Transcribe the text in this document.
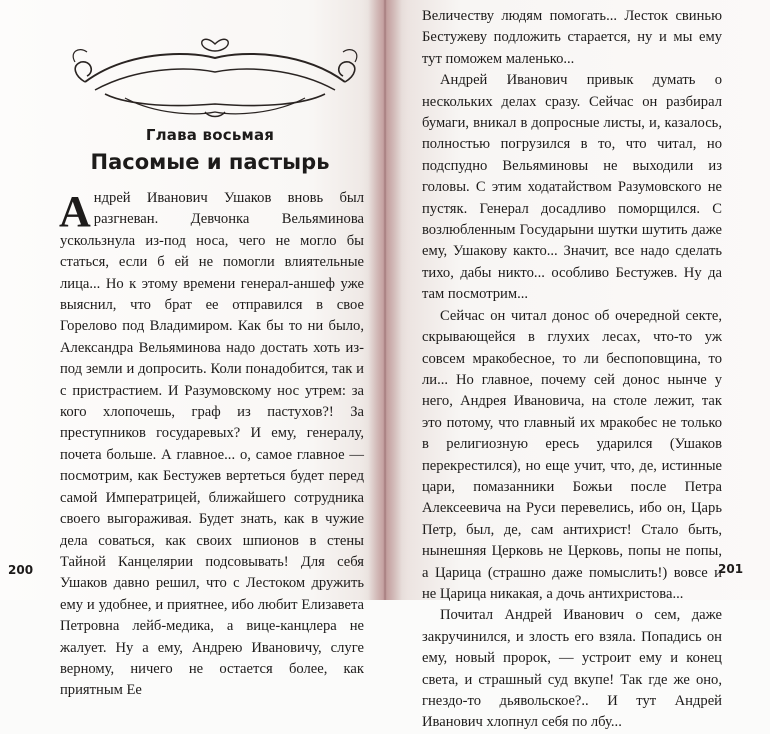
Глава восьмая
Пасомые и пастырь

Андрей Иванович Ушаков вновь был разгневан. Девчонка Вельяминова ускользнула из-под носа, чего не могло бы статься, если б ей не помогли влиятельные лица... Но к этому времени генерал-аншеф уже выяснил, что брат ее отправился в свое Горелово под Владимиром. Как бы то ни было, Александра Вельяминова надо достать хоть из-под земли и допросить. Коли понадобится, так и с пристрастием. И Разумовскому нос утрем: за кого хлопочешь, граф из пастухов?! За преступников государевых? И ему, генералу, почета больше. А главное... о, самое главное — посмотрим, как Бестужев вертеться будет перед самой Императрицей, ближайшего сотрудника своего выгораживая. Будет знать, как в чужие дела соваться, как своих шпионов в стены Тайной Канцелярии подсовывать! Для себя Ушаков давно решил, что с Лестоком дружить ему и удобнее, и приятнее, ибо любит Елизавета Петровна лейб-медика, а вице-канцлера не жалует. Ну а ему, Андрею Ивановичу, слуге верному, ничего не остается более, как приятным Ее

200

Величеству людям помогать... Лесток свинью Бестужеву подложить старается, ну и мы ему тут поможем маленько...

Андрей Иванович привык думать о нескольких делах сразу. Сейчас он разбирал бумаги, вникал в допросные листы, и, казалось, полностью погрузился в то, что читал, но подспудно Вельяминовы не выходили из головы. С этим ходатайством Разумовского не пустяк. Генерал досадливо поморщился. С возлюбленным Государыни шутки шутить даже ему, Ушакову както... Значит, все надо сделать тихо, дабы никто... особливо Бестужев. Ну да там посмотрим...

Сейчас он читал донос об очередной секте, скрывающейся в глухих лесах, что-то уж совсем мракобесное, то ли беспоповщина, то ли... Но главное, почему сей донос нынче у него, Андрея Ивановича, на столе лежит, так это потому, что главный их мракобес не только в религиозную ересь ударился (Ушаков перекрестился), но еще учит, что, де, истинные цари, помазанники Божьи после Петра Алексеевича на Руси перевелись, ибо он, Царь Петр, был, де, сам антихрист! Стало быть, нынешняя Церковь не Церковь, попы не попы, а Царица (страшно даже помыслить!) вовсе и не Царица никакая, а дочь антихристова...

Почитал Андрей Иванович о сем, даже закручинился, и злость его взяла. Попадись он ему, новый пророк, — устроит ему и конец света, и страшный суд вкупе! Так где же оно, гнездо-то дьявольское?.. И тут Андрей Иванович хлопнул себя по лбу...

201
